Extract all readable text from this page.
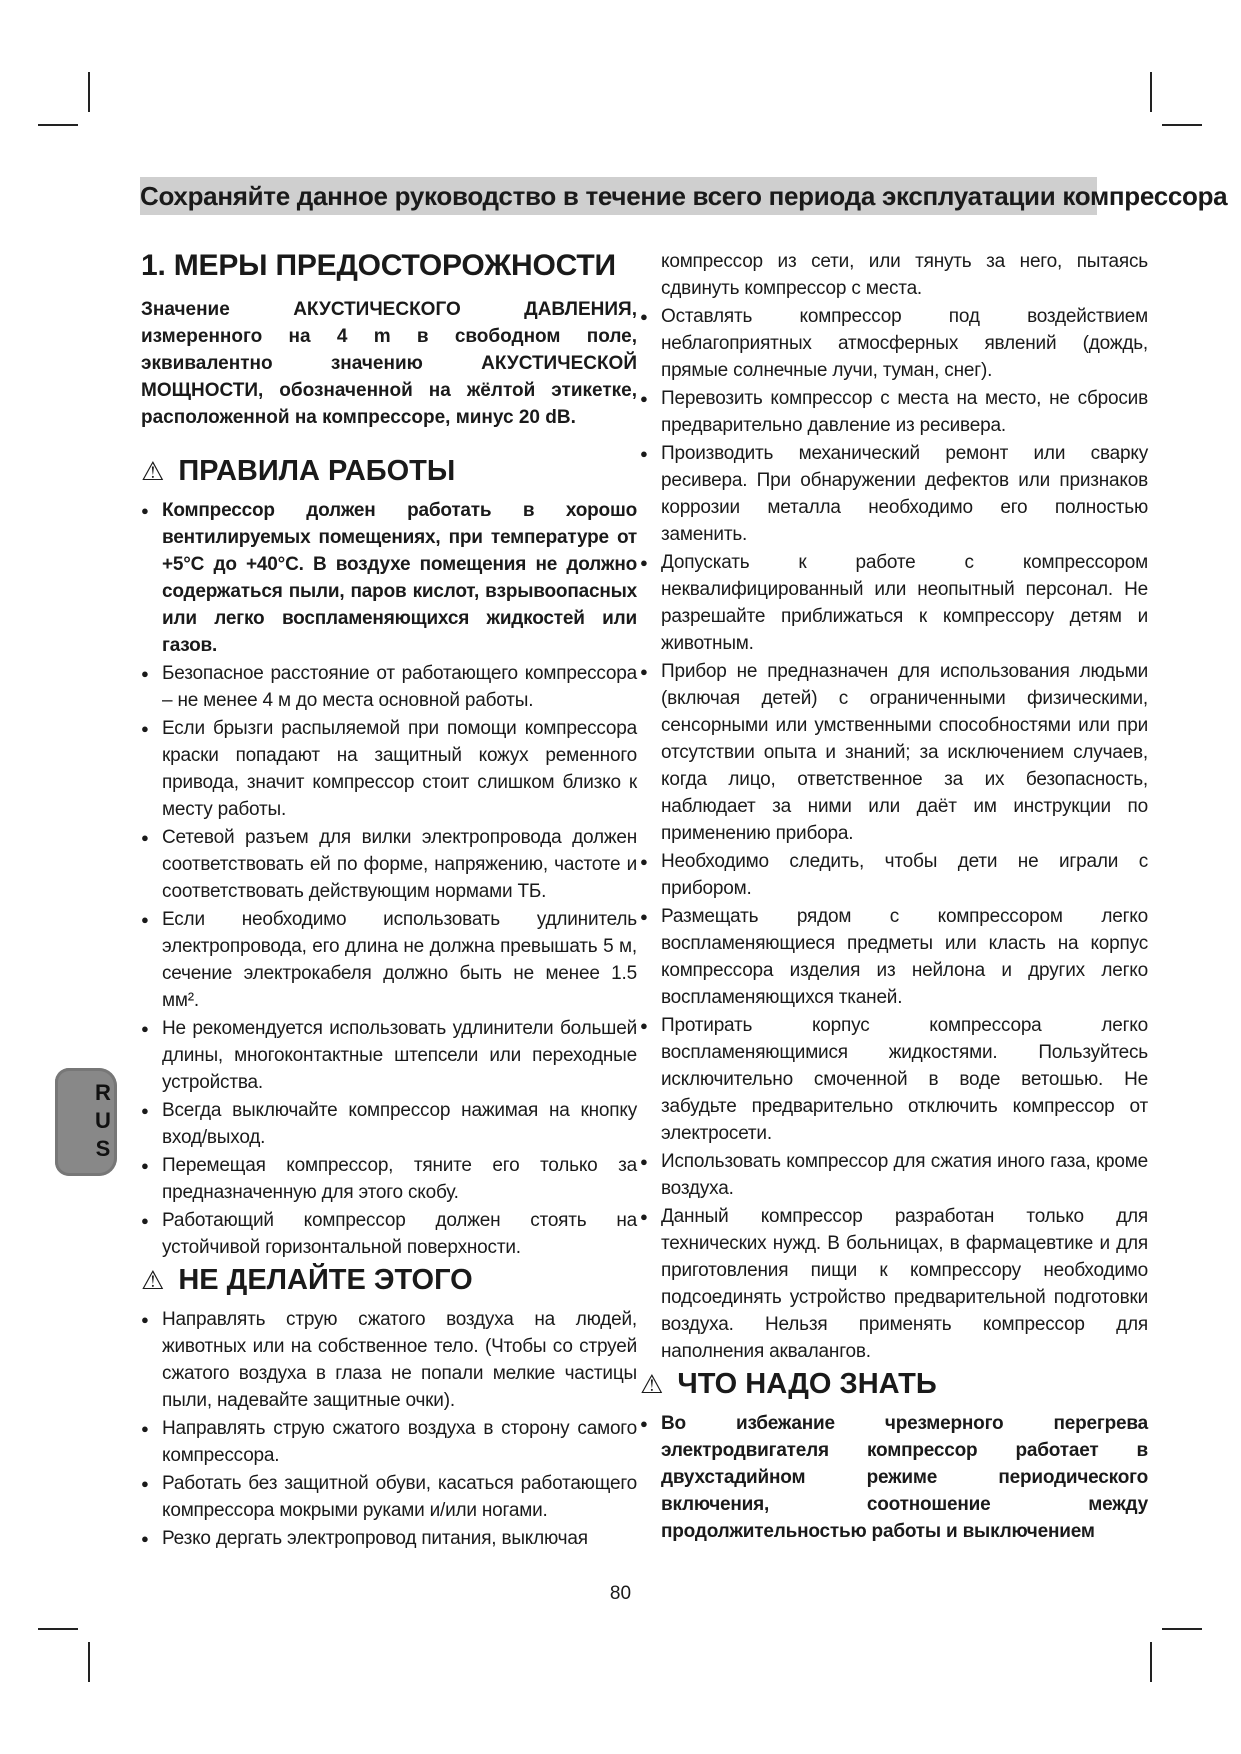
Сохраняйте данное руководство в течение всего периода эксплуатации компрессора
1. МЕРЫ ПРЕДОСТОРОЖНОСТИ

Значение АКУСТИЧЕСКОГО ДАВЛЕНИЯ, измеренного на 4 m в свободном поле, эквивалентно значению АКУСТИЧЕСКОЙ МОЩНОСТИ, обозначенной на жёлтой этикетке, расположенной на компрессоре, минус 20 dB.

⚠ ПРАВИЛА РАБОТЫ
● Компрессор должен работать в хорошо вентилируемых помещениях, при температуре от +5°C до +40°C. В воздухе помещения не должно содержаться пыли, паров кислот, взрывоопасных или легко воспламеняющихся жидкостей или газов.
● Безопасное расстояние от работающего компрессора – не менее 4 м до места основной работы.
● Если брызги распыляемой при помощи компрессора краски попадают на защитный кожух ременного привода, значит компрессор стоит слишком близко к месту работы.
● Сетевой разъем для вилки электропровода должен соответствовать ей по форме, напряжению, частоте и соответствовать действующим нормами ТБ.
● Если необходимо использовать удлинитель электропровода, его длина не должна превышать 5 м, сечение электрокабеля должно быть не менее 1.5 мм².
● Не рекомендуется использовать удлинители большей длины, многоконтактные штепсели или переходные устройства.
● Всегда выключайте компрессор нажимая на кнопку вход/выход.
● Перемещая компрессор, тяните его только за предназначенную для этого скобу.
● Работающий компрессор должен стоять на устойчивой горизонтальной поверхности.
⚠ НЕ ДЕЛАЙТЕ ЭТОГО
● Направлять струю сжатого воздуха на людей, животных или на собственное тело. (Чтобы со струей сжатого воздуха в глаза не попали мелкие частицы пыли, надевайте защитные очки).
● Направлять струю сжатого воздуха в сторону самого компрессора.
● Работать без защитной обуви, касаться работающего компрессора мокрыми руками и/или ногами.
● Резко дергать электропровод питания, выключая
компрессор из сети, или тянуть за него, пытаясь сдвинуть компрессор с места.
● Оставлять компрессор под воздействием неблагоприятных атмосферных явлений (дождь, прямые солнечные лучи, туман, снег).
● Перевозить компрессор с места на место, не сбросив предварительно давление из ресивера.
● Производить механический ремонт или сварку ресивера. При обнаружении дефектов или признаков коррозии металла необходимо его полностью заменить.
● Допускать к работе с компрессором неквалифицированный или неопытный персонал. Не разрешайте приближаться к компрессору детям и животным.
● Прибор не предназначен для использования людьми (включая детей) с ограниченными физическими, сенсорными или умственными способностями или при отсутствии опыта и знаний; за исключением случаев, когда лицо, ответственное за их безопасность, наблюдает за ними или даёт им инструкции по применению прибора.
● Необходимо следить, чтобы дети не играли с прибором.
● Размещать рядом с компрессором легко воспламеняющиеся предметы или класть на корпус компрессора изделия из нейлона и других легко воспламеняющихся тканей.
● Протирать корпус компрессора легко воспламеняющимися жидкостями. Пользуйтесь исключительно смоченной в воде ветошью. Не забудьте предварительно отключить компрессор от электросети.
● Использовать компрессор для сжатия иного газа, кроме воздуха.
● Данный компрессор разработан только для технических нужд. В больницах, в фармацевтике и для приготовления пищи к компрессору необходимо подсоединять устройство предварительной подготовки воздуха. Нельзя применять компрессор для наполнения аквалангов.
⚠ ЧТО НАДО ЗНАТЬ
● Во избежание чрезмерного перегрева электродвигателя компрессор работает в двухстадийном режиме периодического включения, соотношение между продолжительностью работы и выключением
R
U
S
80
